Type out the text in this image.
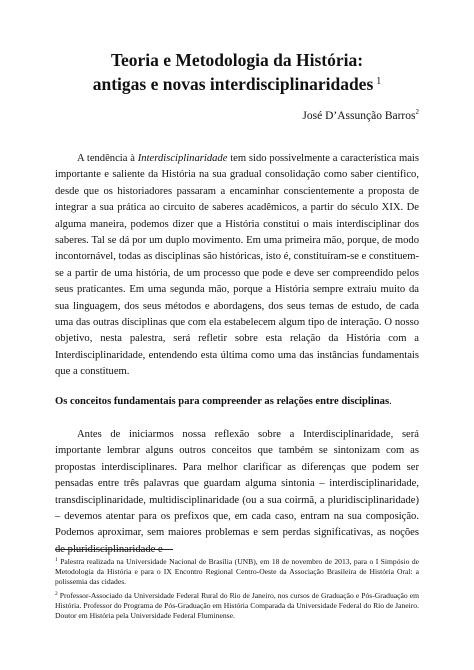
Teoria e Metodologia da História:
antigas e novas interdisciplinaridades $^1$
José D’Assunção Barros$^2$

A tendência à Interdisciplinaridade tem sido possivelmente a característica mais importante e saliente da História na sua gradual consolidação como saber científico, desde que os historiadores passaram a encaminhar conscientemente a proposta de integrar a sua prática ao circuito de saberes acadêmicos, a partir do século XIX. De alguma maneira, podemos dizer que a História constitui o mais interdisciplinar dos saberes. Tal se dá por um duplo movimento. Em uma primeira mão, porque, de modo incontornável, todas as disciplinas são históricas, isto é, constituíram-se e constituem-se a partir de uma história, de um processo que pode e deve ser compreendido pelos seus praticantes. Em uma segunda mão, porque a História sempre extraiu muito da sua linguagem, dos seus métodos e abordagens, dos seus temas de estudo, de cada uma das outras disciplinas que com ela estabelecem algum tipo de interação. O nosso objetivo, nesta palestra, será refletir sobre esta relação da História com a Interdisciplinaridade, entendendo esta última como uma das instâncias fundamentais que a constituem.

Os conceitos fundamentais para compreender as relações entre disciplinas.

Antes de iniciarmos nossa reflexão sobre a Interdisciplinaridade, será importante lembrar alguns outros conceitos que também se sintonizam com as propostas interdisciplinares. Para melhor clarificar as diferenças que podem ser pensadas entre três palavras que guardam alguma sintonia – interdisciplinaridade, transdisciplinaridade, multidisciplinaridade (ou a sua coirmã, a pluridisciplinaridade) – devemos atentar para os prefixos que, em cada caso, entram na sua composição. Podemos aproximar, sem maiores problemas e sem perdas significativas, as noções de pluridisciplinaridade e

$^1$ Palestra realizada na Universidade Nacional de Brasília (UNB), em 18 de novembro de 2013, para o I Simpósio de Metodologia da História e para o IX Encontro Regional Centro-Oeste da Associação Brasileira de História Oral: a polissemia das cidades.

$^2$ Professor-Associado da Universidade Federal Rural do Rio de Janeiro, nos cursos de Graduação e Pós-Graduação em História. Professor do Programa de Pós-Graduação em História Comparada da Universidade Federal do Rio de Janeiro. Doutor em História pela Universidade Federal Fluminense.
